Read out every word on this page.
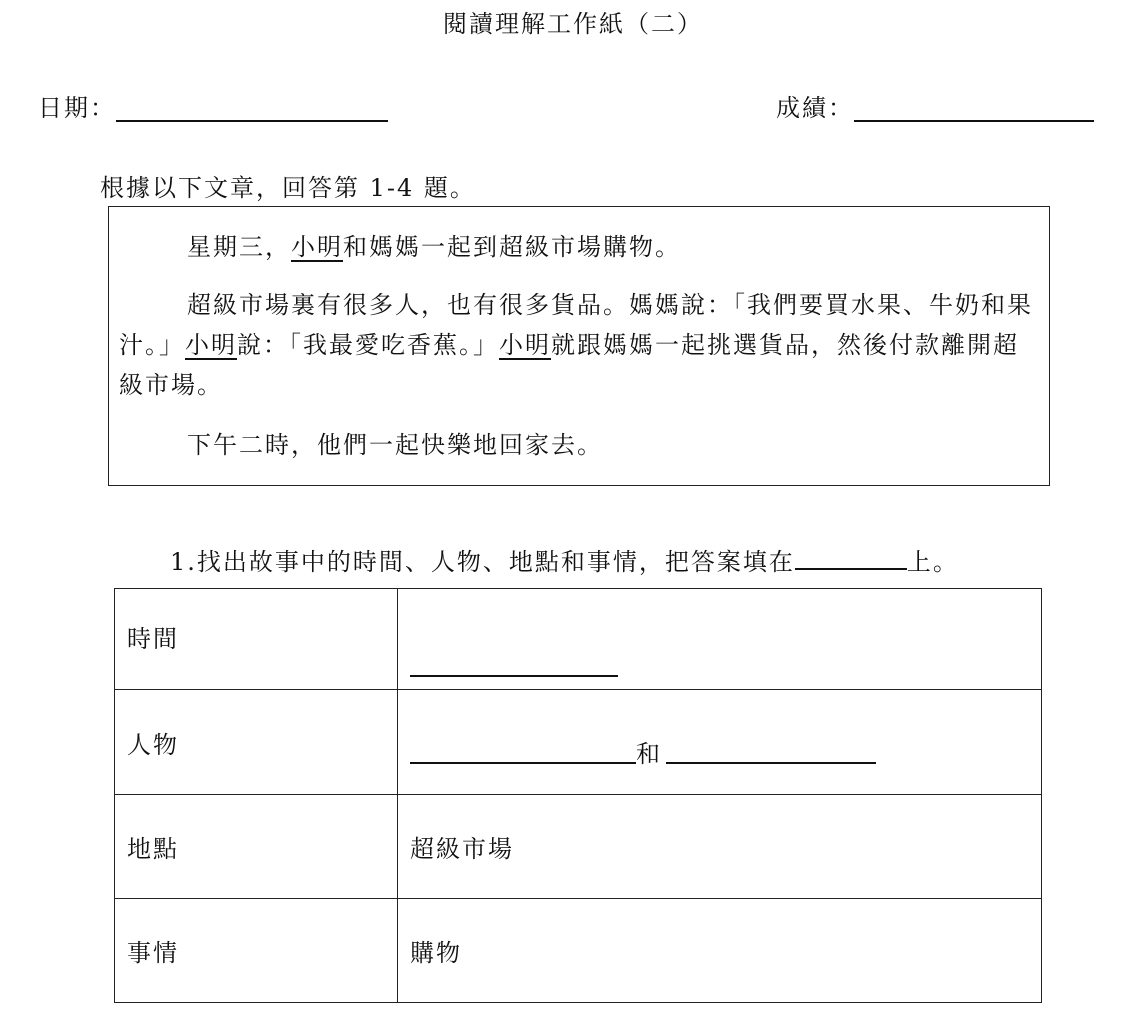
閱讀理解工作紙（二）
日期：	成績：
根據以下文章，回答第 1-4 題。
星期三，小明和媽媽一起到超級市場購物。
超級市場裏有很多人，也有很多貨品。媽媽說：「我們要買水果、牛奶和果汁。」小明說：「我最愛吃香蕉。」小明就跟媽媽一起挑選貨品，然後付款離開超級市場。
下午二時，他們一起快樂地回家去。
1.找出故事中的時間、人物、地點和事情，把答案填在	上。
時間	

人物	和

地點	超級市場
事情	購物
